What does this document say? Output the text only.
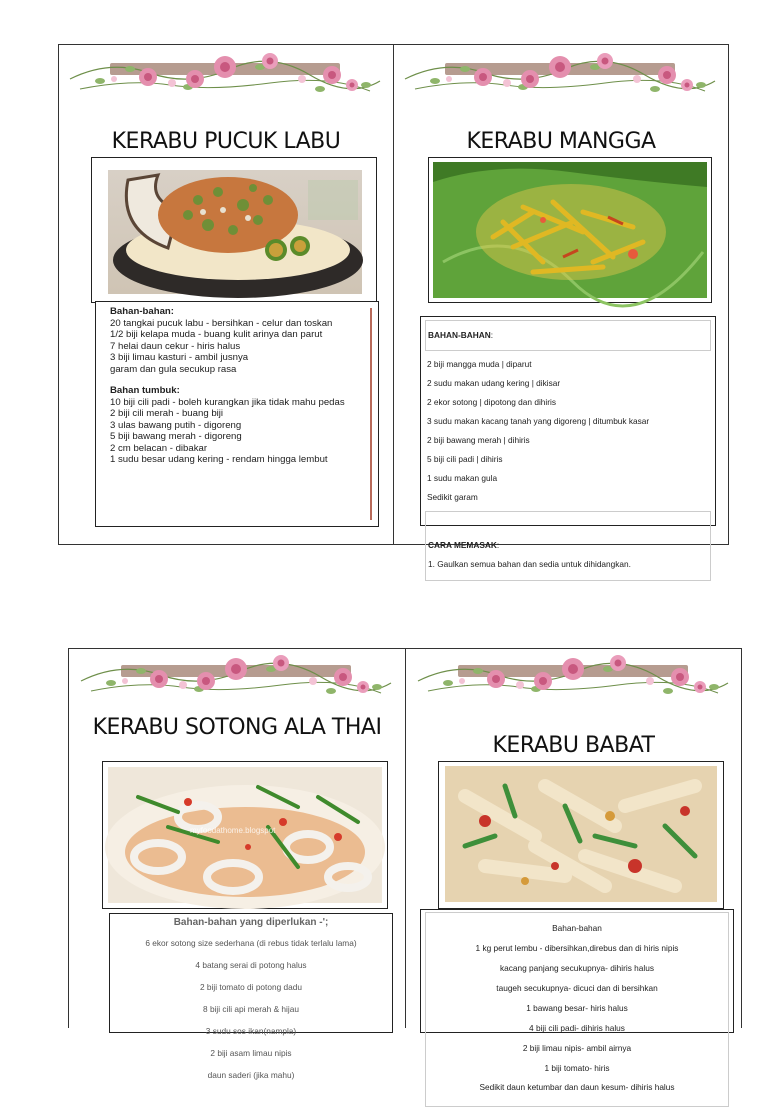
KERABU PUCUK LABU

Bahan-bahan:

20 tangkai pucuk labu - bersihkan - celur dan toskan

1/2 biji kelapa muda - buang kulit arinya dan parut

7 helai daun cekur - hiris halus

3 biji limau kasturi - ambil jusnya

garam dan gula secukup rasa

Bahan tumbuk:

10 biji cili padi - boleh kurangkan jika tidak mahu pedas

2 biji cili merah - buang biji

3 ulas bawang putih - digoreng

5 biji bawang merah - digoreng

2 cm belacan - dibakar

1 sudu besar udang kering - rendam hingga lembut

KERABU MANGGA

BAHAN-BAHAN:

2 biji mangga muda | diparut

2 sudu makan udang kering | dikisar

2 ekor sotong | dipotong dan dihiris

3 sudu makan kacang tanah yang digoreng | ditumbuk kasar

2 biji bawang merah | dihiris

5 biji cili padi | dihiris

1 sudu makan gula

Sedikit garam

CARA MEMASAK:

1. Gaulkan semua bahan dan sedia untuk dihidangkan.

KERABU SOTONG ALA THAI
myfoodathome.blogspot

Bahan-bahan yang diperlukan -';

6 ekor sotong size sederhana (di rebus tidak terlalu lama)

4 batang serai di potong halus

2 biji tomato di potong dadu

8 biji cili api merah & hijau

3 sudu sos ikan(nampla)

2 biji asam limau nipis

daun saderi (jika mahu)

KERABU BABAT

Bahan-bahan

1 kg perut lembu - dibersihkan,direbus dan di hiris nipis

kacang panjang secukupnya- dihiris halus

taugeh secukupnya- dicuci dan di bersihkan

1 bawang besar- hiris halus

4 biji cili padi- dihiris halus

2 biji limau nipis- ambil airnya

1 biji tomato- hiris

Sedikit daun ketumbar dan daun kesum- dihiris halus
